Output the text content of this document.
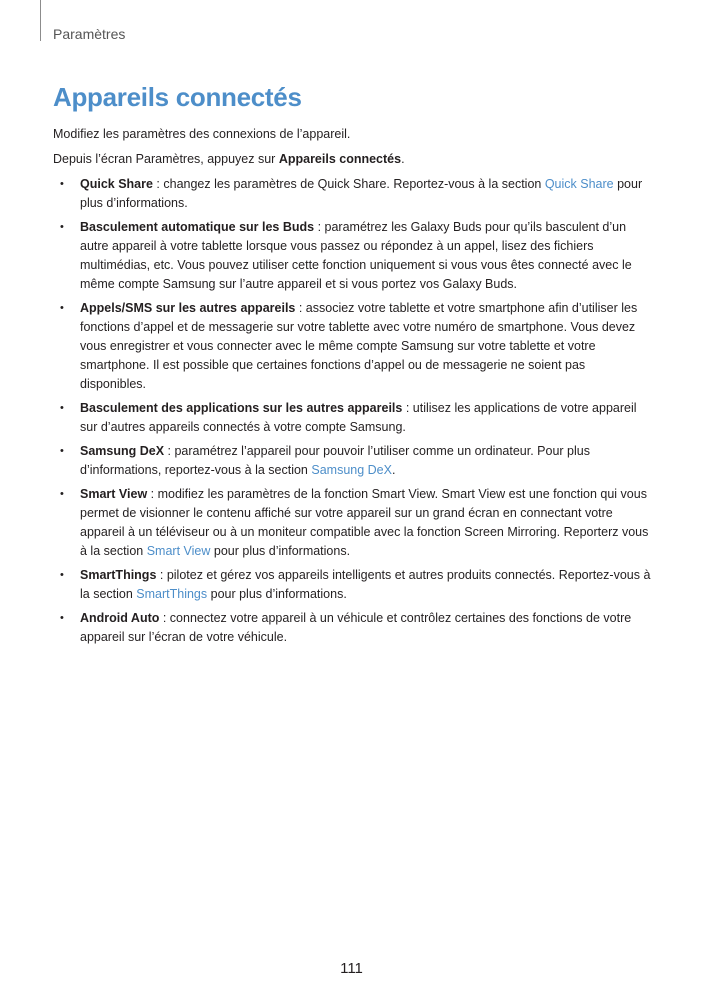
Paramètres
Appareils connectés

Modifiez les paramètres des connexions de l’appareil.

Depuis l’écran Paramètres, appuyez sur Appareils connectés.

• Quick Share : changez les paramètres de Quick Share. Reportez-vous à la section Quick Share pour plus d’informations.
• Basculement automatique sur les Buds : paramétrez les Galaxy Buds pour qu’ils basculent d’un autre appareil à votre tablette lorsque vous passez ou répondez à un appel, lisez des fichiers multimédias, etc. Vous pouvez utiliser cette fonction uniquement si vous vous êtes connecté avec le même compte Samsung sur l’autre appareil et si vous portez vos Galaxy Buds.
• Appels/SMS sur les autres appareils : associez votre tablette et votre smartphone afin d’utiliser les fonctions d’appel et de messagerie sur votre tablette avec votre numéro de smartphone. Vous devez vous enregistrer et vous connecter avec le même compte Samsung sur votre tablette et votre smartphone. Il est possible que certaines fonctions d’appel ou de messagerie ne soient pas disponibles.
• Basculement des applications sur les autres appareils : utilisez les applications de votre appareil sur d’autres appareils connectés à votre compte Samsung.
• Samsung DeX : paramétrez l’appareil pour pouvoir l’utiliser comme un ordinateur. Pour plus d’informations, reportez-vous à la section Samsung DeX.
• Smart View : modifiez les paramètres de la fonction Smart View. Smart View est une fonction qui vous permet de visionner le contenu affiché sur votre appareil sur un grand écran en connectant votre appareil à un téléviseur ou à un moniteur compatible avec la fonction Screen Mirroring. Reporterz vous à la section Smart View pour plus d’informations.
• SmartThings : pilotez et gérez vos appareils intelligents et autres produits connectés. Reportez-vous à la section SmartThings pour plus d’informations.
• Android Auto : connectez votre appareil à un véhicule et contrôlez certaines des fonctions de votre appareil sur l’écran de votre véhicule.
111
